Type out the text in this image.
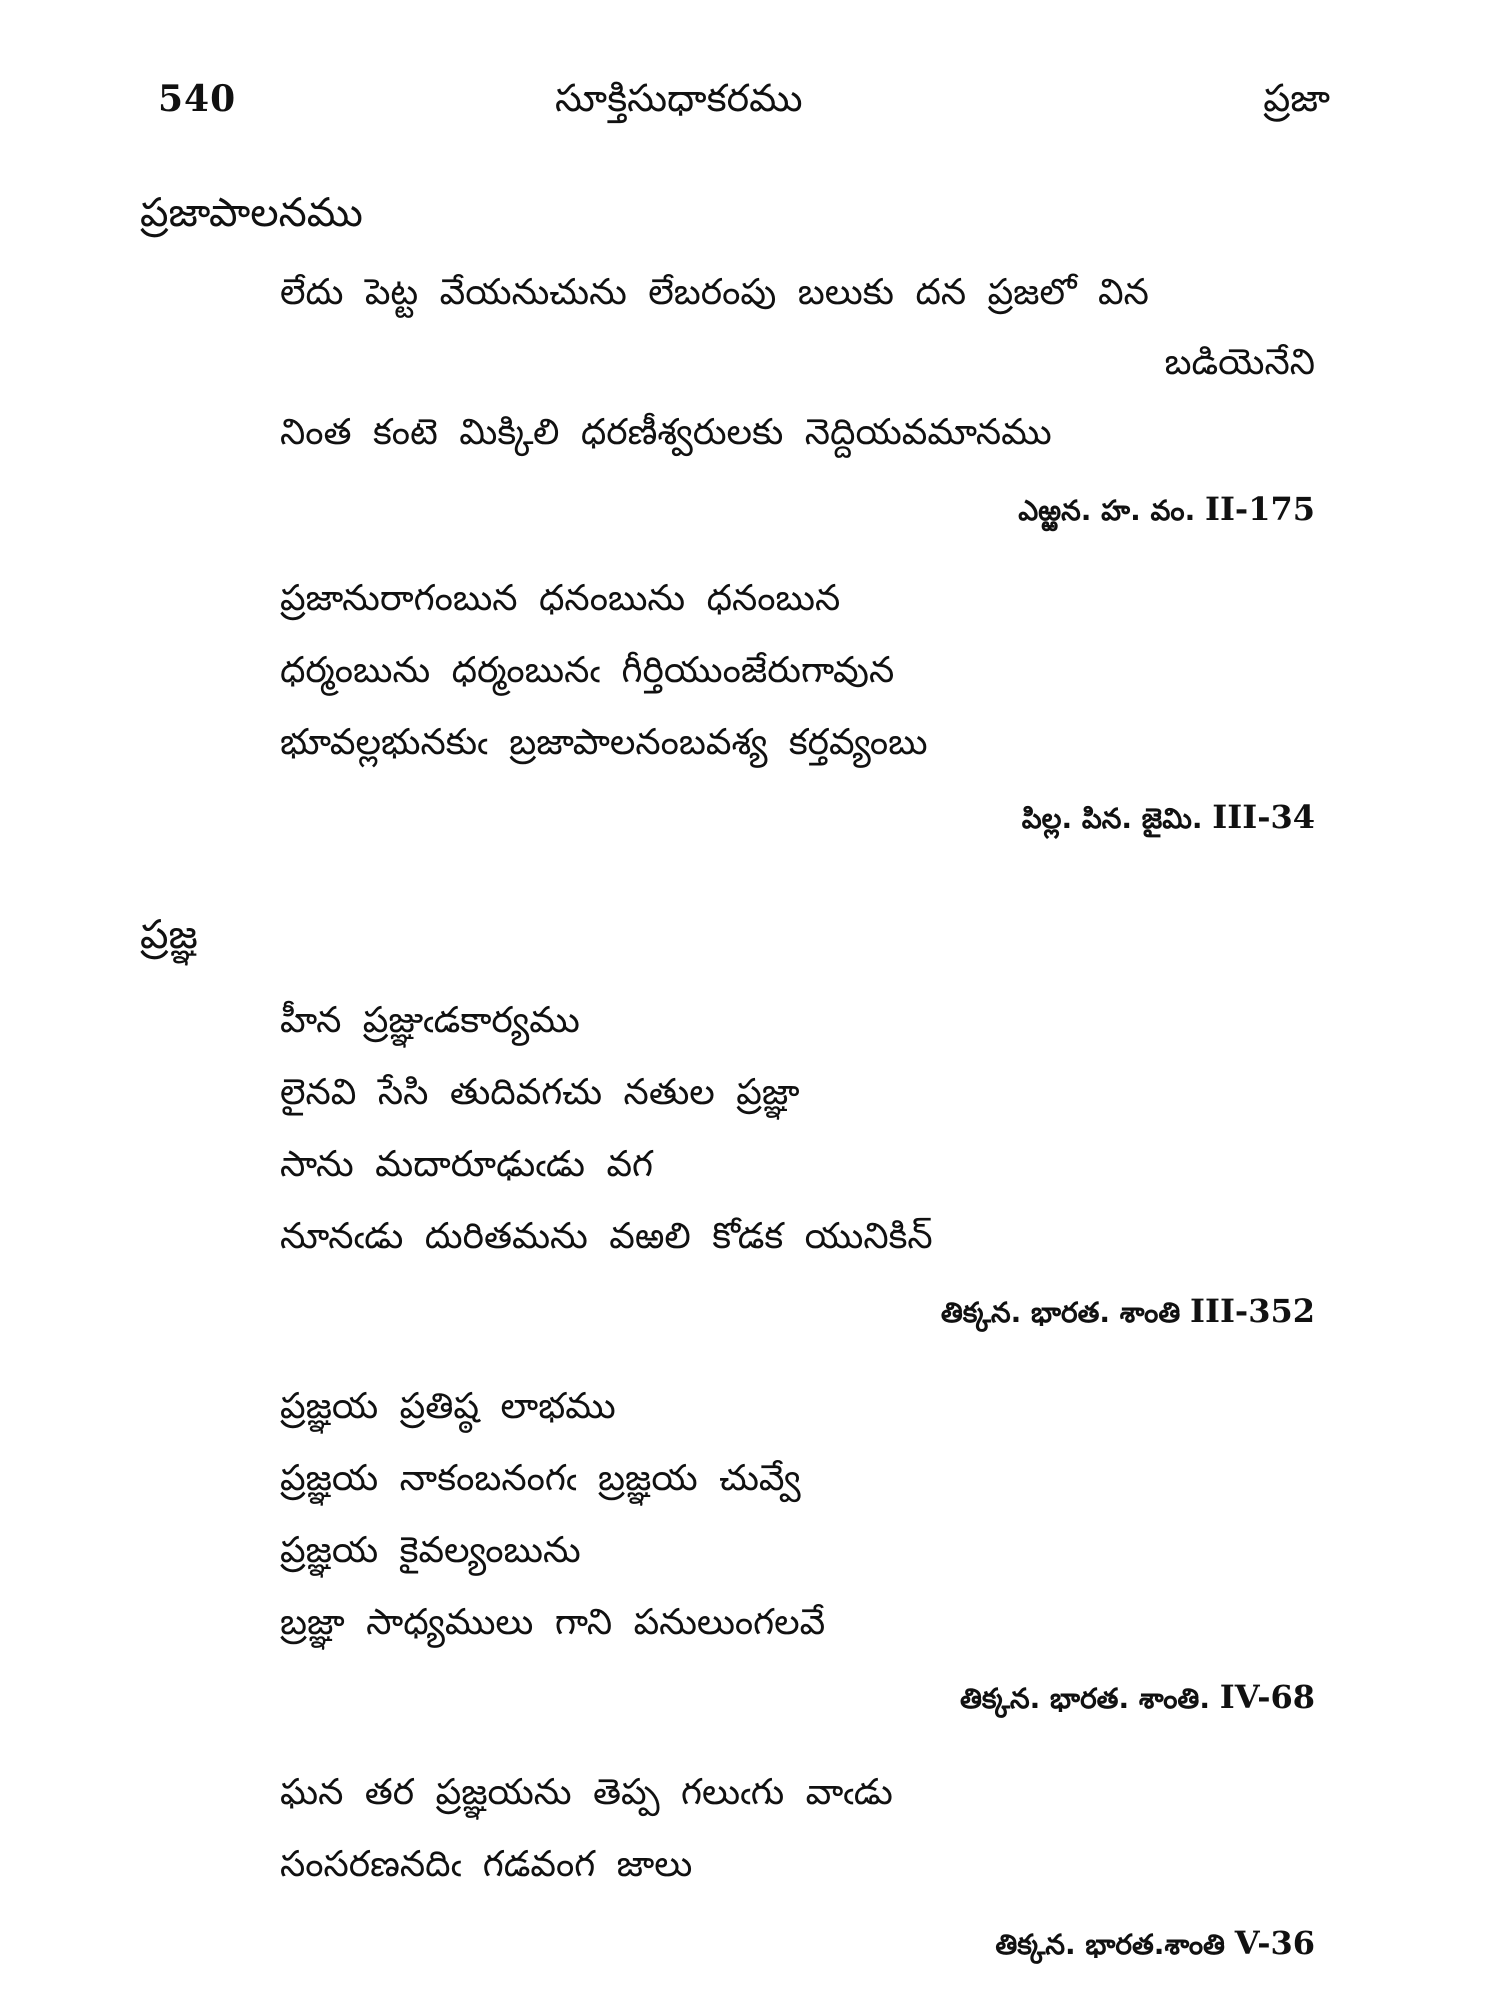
540	సూక్తిసుధాకరము	ప్రజా
ప్రజాపాలనము
లేదు పెట్ట వేయనుచును లేబరంపు బలుకు దన ప్రజలో విన
బడియెనేని
నింత కంటె మిక్కిలి ధరణీశ్వరులకు నెద్దియవమానము
ఎఱ్ఱన. హ. వం. II-175
ప్రజానురాగంబున ధనంబును ధనంబున
ధర్మంబును ధర్మంబునఁ గీర్తియుంజేరుగావున
భూవల్లభునకుఁ బ్రజాపాలనంబవశ్య కర్తవ్యంబు
పిల్ల. పిన. జైమి. III-34
ప్రజ్ఞ
హీన ప్రజ్ఞుఁడకార్యము
లైనవి సేసి తుదివగచు నతుల ప్రజ్ఞా
సాను మదారూఢుఁడు వగ
నూనఁడు దురితమను వఱలి కోడక యునికిన్
తిక్కన. భారత. శాంతి III-352
ప్రజ్ఞయ ప్రతిష్ఠ లాభము
ప్రజ్ఞయ నాకంబనంగఁ బ్రజ్ఞయ చువ్వే
ప్రజ్ఞయ కైవల్యంబును
బ్రజ్ఞా సాధ్యములు గాని పనులుంగలవే
తిక్కన. భారత. శాంతి. IV-68
ఘన తర ప్రజ్ఞయను తెప్ప గలుఁగు వాఁడు
సంసరణనదిఁ గడవంగ జాలు
తిక్కన. భారత.శాంతి V-36
